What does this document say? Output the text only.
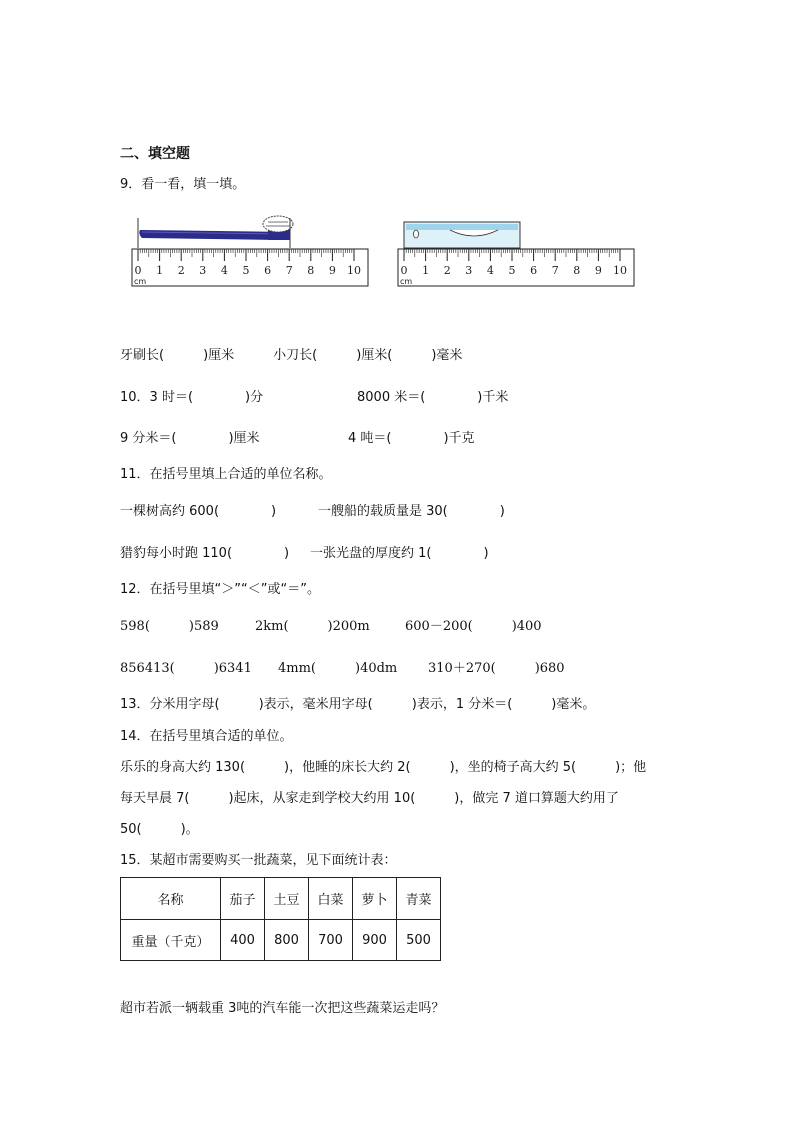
二、填空题
9．看一看，填一填。
0 1 2 3 4 5 6 7 8 9 10
cm
0 1 2 3 4 5 6 7 8 9 10
cm
牙刷长(　　　)厘米　　　小刀长(　　　)厘米(　　　)毫米
10．3 时＝(　　　　)分	8000 米＝(　　　　)千米
9 分米＝(　　　　)厘米	4 吨＝(　　　　)千克
11．在括号里填上合适的单位名称。
一棵树高约 600(　　　　)	一艘船的载质量是 30(　　　　)
猎豹每小时跑 110(　　　　) 一张光盘的厚度约 1(　　　　)
12．在括号里填“＞”“＜”或“＝”。
598(　　　)589	2km(　　　)200m	600－200(　　　)400
856413(　　　)6341 4mm(　　　)40dm 310＋270(　　　)680
13．分米用字母(　　　)表示，毫米用字母(　　　)表示，1 分米＝(　　　)毫米。
14．在括号里填合适的单位。
乐乐的身高大约 130(　　　)，他睡的床长大约 2(　　　)，坐的椅子高大约 5(　　　)；他
每天早晨 7(　　　)起床，从家走到学校大约用 10(　　　)，做完 7 道口算题大约用了
50(　　　)。
15．某超市需要购买一批蔬菜，见下面统计表：
名称	茄子	土豆	白菜	萝卜	青菜
重量（千克）	400	800	700	900	500
超市若派一辆载重 3吨的汽车能一次把这些蔬菜运走吗？
